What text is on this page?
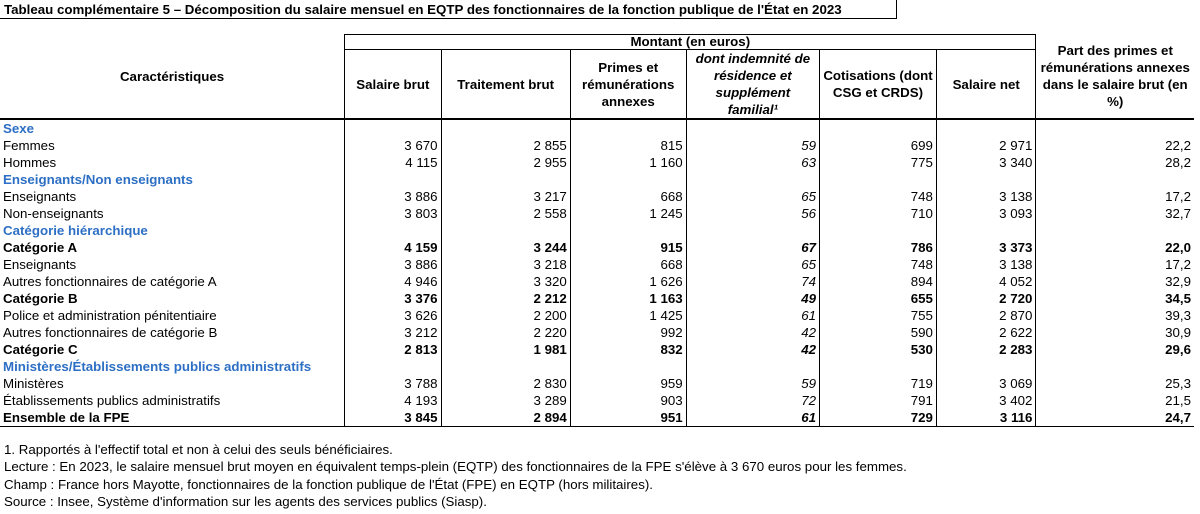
Tableau complémentaire 5 – Décomposition du salaire mensuel en EQTP des fonctionnaires de la fonction publique de l'État en 2023
Caractéristiques	Montant (en euros)						Part des primes et rémunérations annexes dans le salaire brut (en %)
	Salaire brut	Traitement brut	Primes et rémunérations annexes	dont indemnité de résidence et supplément familial¹	Cotisations (dont CSG et CRDS)	Salaire net	
Sexe							
Femmes	3 670	2 855	815	59	699	2 971	22,2
Hommes	4 115	2 955	1 160	63	775	3 340	28,2
Enseignants/Non enseignants							
Enseignants	3 886	3 217	668	65	748	3 138	17,2
Non-enseignants	3 803	2 558	1 245	56	710	3 093	32,7
Catégorie hiérarchique							
Catégorie A	4 159	3 244	915	67	786	3 373	22,0
Enseignants	3 886	3 218	668	65	748	3 138	17,2
Autres fonctionnaires de catégorie A	4 946	3 320	1 626	74	894	4 052	32,9
Catégorie B	3 376	2 212	1 163	49	655	2 720	34,5
Police et administration pénitentiaire	3 626	2 200	1 425	61	755	2 870	39,3
Autres fonctionnaires de catégorie B	3 212	2 220	992	42	590	2 622	30,9
Catégorie C	2 813	1 981	832	42	530	2 283	29,6
Ministères/Établissements publics administratifs							
Ministères	3 788	2 830	959	59	719	3 069	25,3
Établissements publics administratifs	4 193	3 289	903	72	791	3 402	21,5
Ensemble de la FPE	3 845	2 894	951	61	729	3 116	24,7
1. Rapportés à l'effectif total et non à celui des seuls bénéficiaires.
Lecture : En 2023, le salaire mensuel brut moyen en équivalent temps-plein (EQTP) des fonctionnaires de la FPE s'élève à 3 670 euros pour les femmes.
Champ : France hors Mayotte, fonctionnaires de la fonction publique de l'État (FPE) en EQTP (hors militaires).
Source : Insee, Système d'information sur les agents des services publics (Siasp).
